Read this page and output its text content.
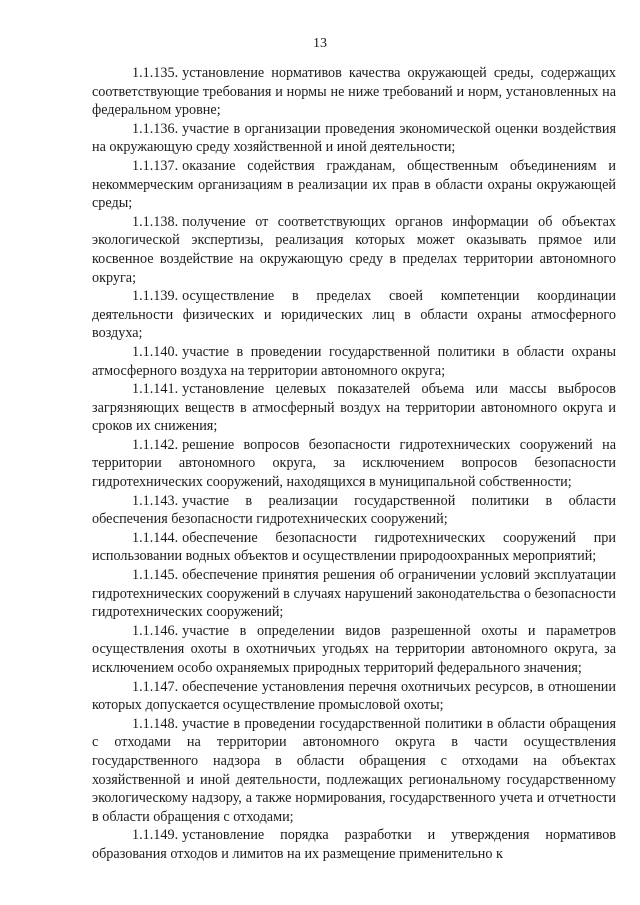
13

1.1.135. установление нормативов качества окружающей среды, содержащих соответствующие требования и нормы не ниже требований и норм, установленных на федеральном уровне;

1.1.136. участие в организации проведения экономической оценки воздействия на окружающую среду хозяйственной и иной деятельности;

1.1.137. оказание содействия гражданам, общественным объединениям и некоммерческим организациям в реализации их прав в области охраны окружающей среды;

1.1.138. получение от соответствующих органов информации об объектах экологической экспертизы, реализация которых может оказывать прямое или косвенное воздействие на окружающую среду в пределах территории автономного округа;

1.1.139. осуществление в пределах своей компетенции координации деятельности физических и юридических лиц в области охраны атмосферного воздуха;

1.1.140. участие в проведении государственной политики в области охраны атмосферного воздуха на территории автономного округа;

1.1.141. установление целевых показателей объема или массы выбросов загрязняющих веществ в атмосферный воздух на территории автономного округа и сроков их снижения;

1.1.142. решение вопросов безопасности гидротехнических сооружений на территории автономного округа, за исключением вопросов безопасности гидротехнических сооружений, находящихся в муниципальной собственности;

1.1.143. участие в реализации государственной политики в области обеспечения безопасности гидротехнических сооружений;

1.1.144. обеспечение безопасности гидротехнических сооружений при использовании водных объектов и осуществлении природоохранных мероприятий;

1.1.145. обеспечение принятия решения об ограничении условий эксплуатации гидротехнических сооружений в случаях нарушений законодательства о безопасности гидротехнических сооружений;

1.1.146. участие в определении видов разрешенной охоты и параметров осуществления охоты в охотничьих угодьях на территории автономного округа, за исключением особо охраняемых природных территорий федерального значения;

1.1.147. обеспечение установления перечня охотничьих ресурсов, в отношении которых допускается осуществление промысловой охоты;

1.1.148. участие в проведении государственной политики в области обращения с отходами на территории автономного округа в части осуществления государственного надзора в области обращения с отходами на объектах хозяйственной и иной деятельности, подлежащих региональному государственному экологическому надзору, а также нормирования, государственного учета и отчетности в области обращения с отходами;

1.1.149. установление порядка разработки и утверждения нормативов образования отходов и лимитов на их размещение применительно к
